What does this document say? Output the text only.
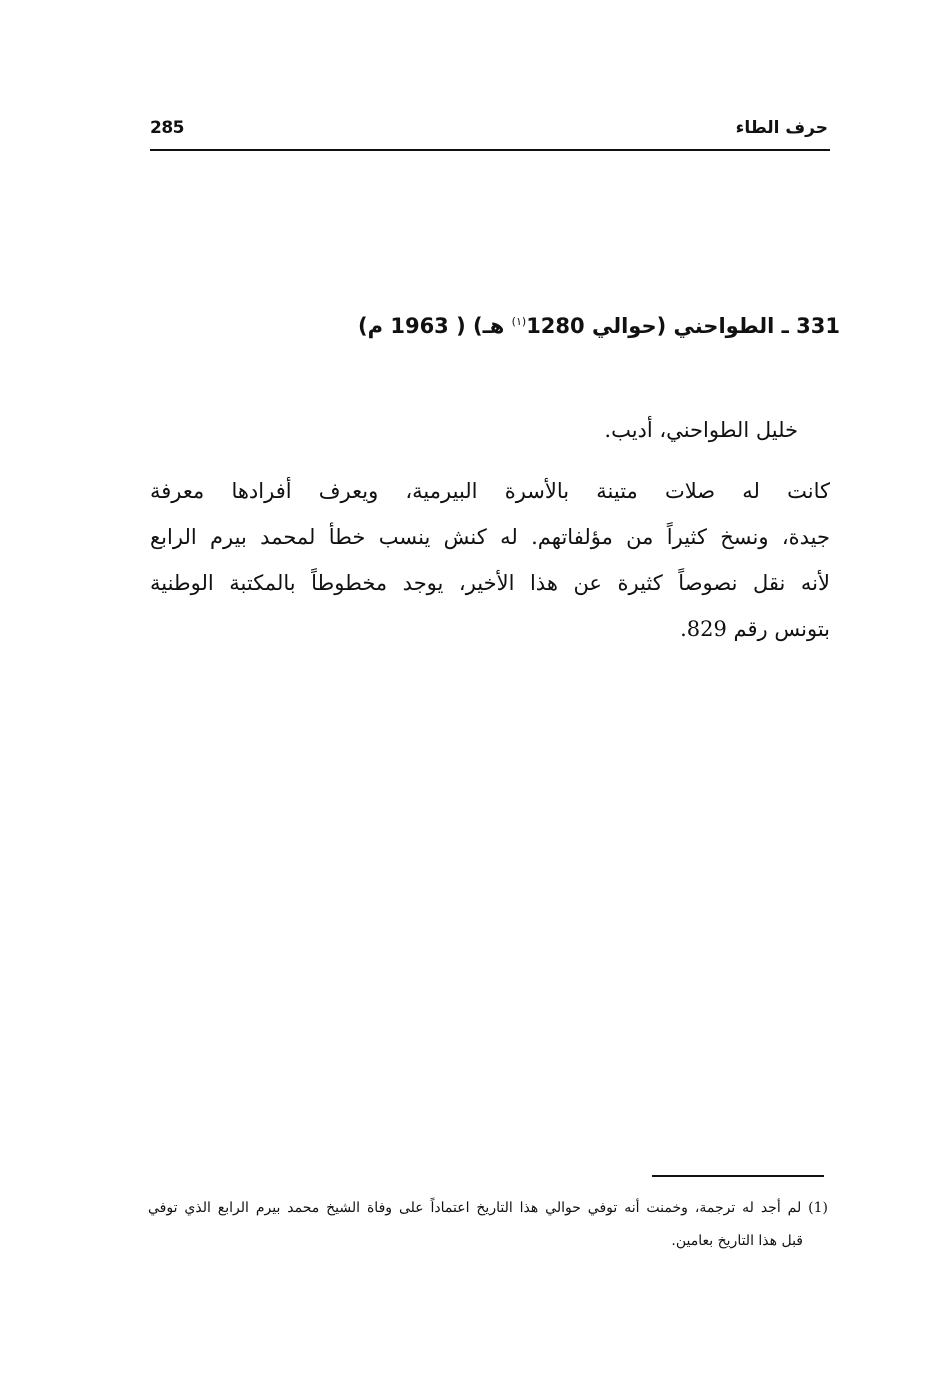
285	حرف الطاء
331 ـ الطواحني (حوالي 1280$^{(١)}$ هـ) ( 1963 م)
خليل الطواحني، أديب.
كانت له صلات متينة بالأسرة البيرمية، ويعرف أفرادها معرفة
جيدة، ونسخ كثيراً من مؤلفاتهم. له كنش ينسب خطأ لمحمد بيرم الرابع
لأنه نقل نصوصاً كثيرة عن هذا الأخير، يوجد مخطوطاً بالمكتبة الوطنية
بتونس رقم 829.
(1) لم أجد له ترجمة، وخمنت أنه توفي حوالي هذا التاريخ اعتماداً على وفاة الشيخ محمد بيرم الرابع الذي توفي
قبل هذا التاريخ بعامين.
